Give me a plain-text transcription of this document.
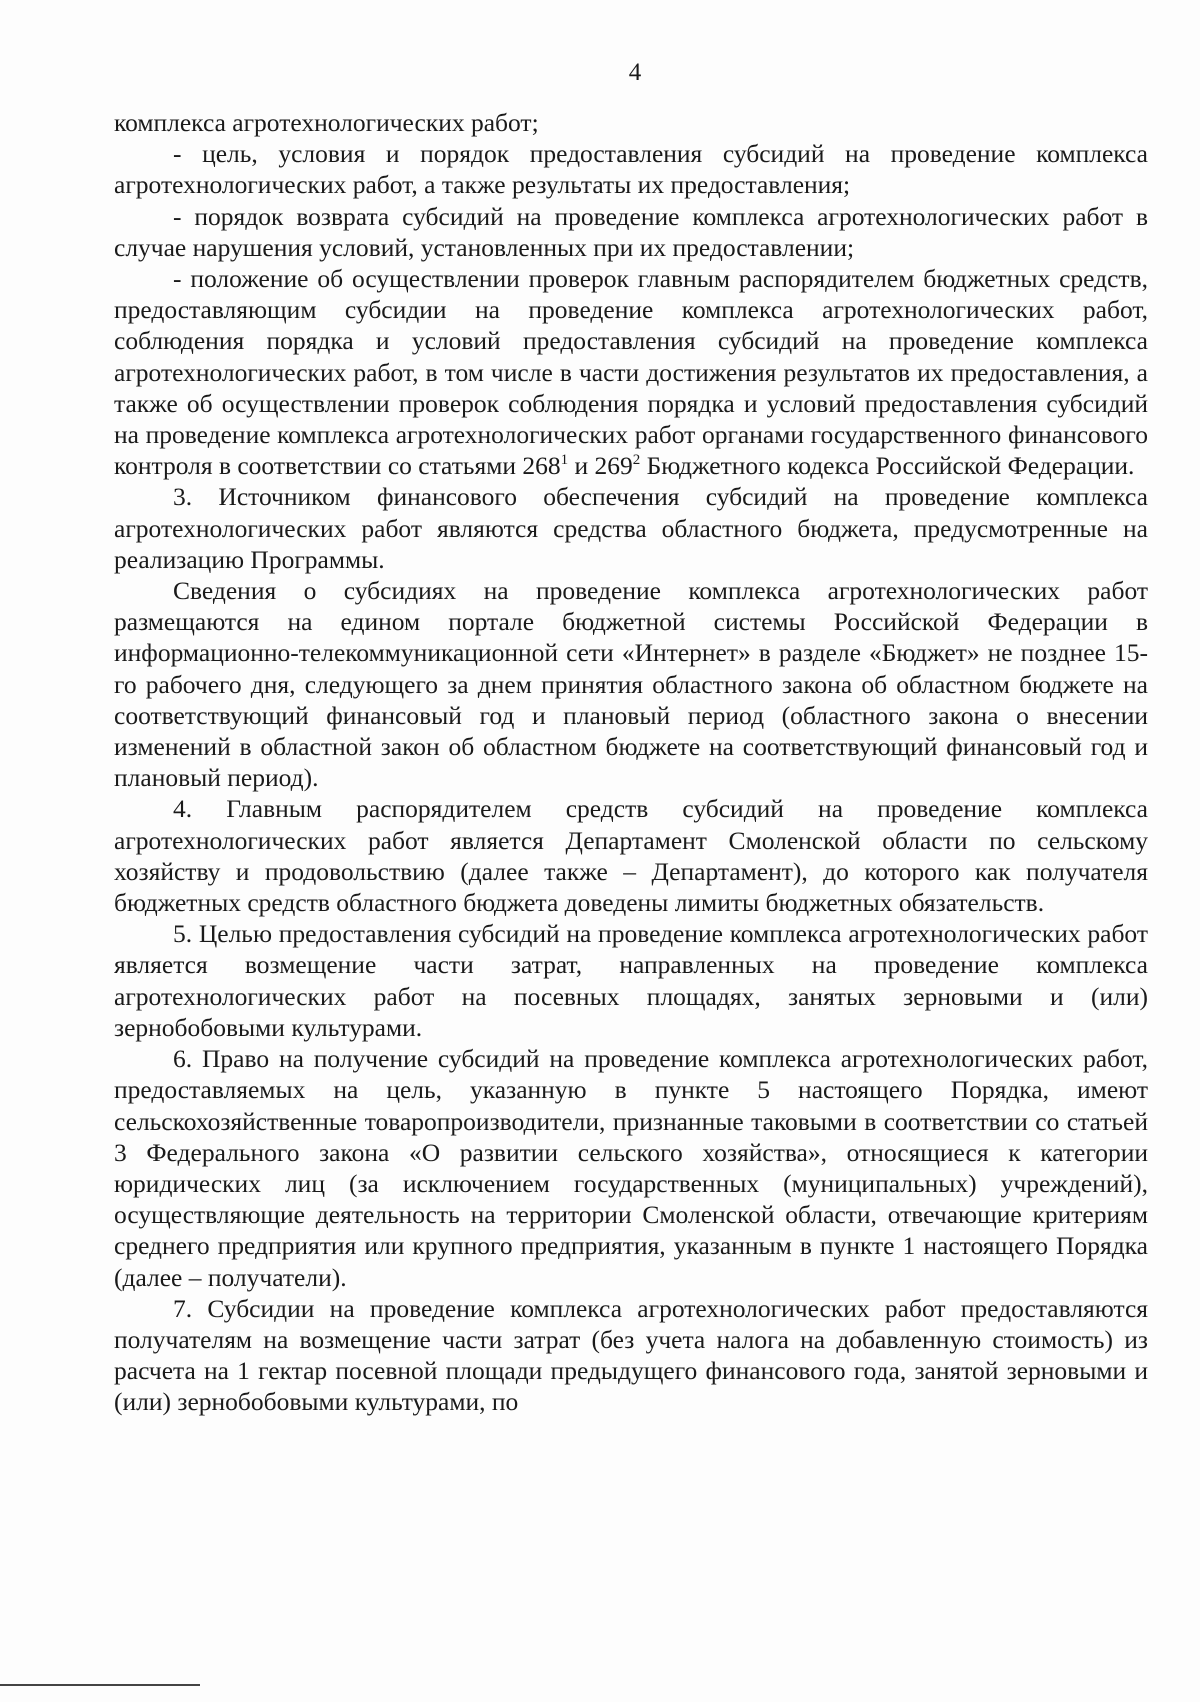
4

комплекса агротехнологических работ;

- цель, условия и порядок предоставления субсидий на проведение комплекса агротехнологических работ, а также результаты их предоставления;

- порядок возврата субсидий на проведение комплекса агротехнологических работ в случае нарушения условий, установленных при их предоставлении;

- положение об осуществлении проверок главным распорядителем бюджетных средств, предоставляющим субсидии на проведение комплекса агротехнологических работ, соблюдения порядка и условий предоставления субсидий на проведение комплекса агротехнологических работ, в том числе в части достижения результатов их предоставления, а также об осуществлении проверок соблюдения порядка и условий предоставления субсидий на проведение комплекса агротехнологических работ органами государственного финансового контроля в соответствии со статьями $268^1$ и $269^2$ Бюджетного кодекса Российской Федерации.

3. Источником финансового обеспечения субсидий на проведение комплекса агротехнологических работ являются средства областного бюджета, предусмотренные на реализацию Программы.

Сведения о субсидиях на проведение комплекса агротехнологических работ размещаются на едином портале бюджетной системы Российской Федерации в информационно-телекоммуникационной сети «Интернет» в разделе «Бюджет» не позднее 15-го рабочего дня, следующего за днем принятия областного закона об областном бюджете на соответствующий финансовый год и плановый период (областного закона о внесении изменений в областной закон об областном бюджете на соответствующий финансовый год и плановый период).

4. Главным распорядителем средств субсидий на проведение комплекса агротехнологических работ является Департамент Смоленской области по сельскому хозяйству и продовольствию (далее также – Департамент), до которого как получателя бюджетных средств областного бюджета доведены лимиты бюджетных обязательств.

5. Целью предоставления субсидий на проведение комплекса агротехнологических работ является возмещение части затрат, направленных на проведение комплекса агротехнологических работ на посевных площадях, занятых зерновыми и (или) зернобобовыми культурами.

6. Право на получение субсидий на проведение комплекса агротехнологических работ, предоставляемых на цель, указанную в пункте 5 настоящего Порядка, имеют сельскохозяйственные товаропроизводители, признанные таковыми в соответствии со статьей 3 Федерального закона «О развитии сельского хозяйства», относящиеся к категории юридических лиц (за исключением государственных (муниципальных) учреждений), осуществляющие деятельность на территории Смоленской области, отвечающие критериям среднего предприятия или крупного предприятия, указанным в пункте 1 настоящего Порядка (далее – получатели).

7. Субсидии на проведение комплекса агротехнологических работ предоставляются получателям на возмещение части затрат (без учета налога на добавленную стоимость) из расчета на 1 гектар посевной площади предыдущего финансового года, занятой зерновыми и (или) зернобобовыми культурами, по
